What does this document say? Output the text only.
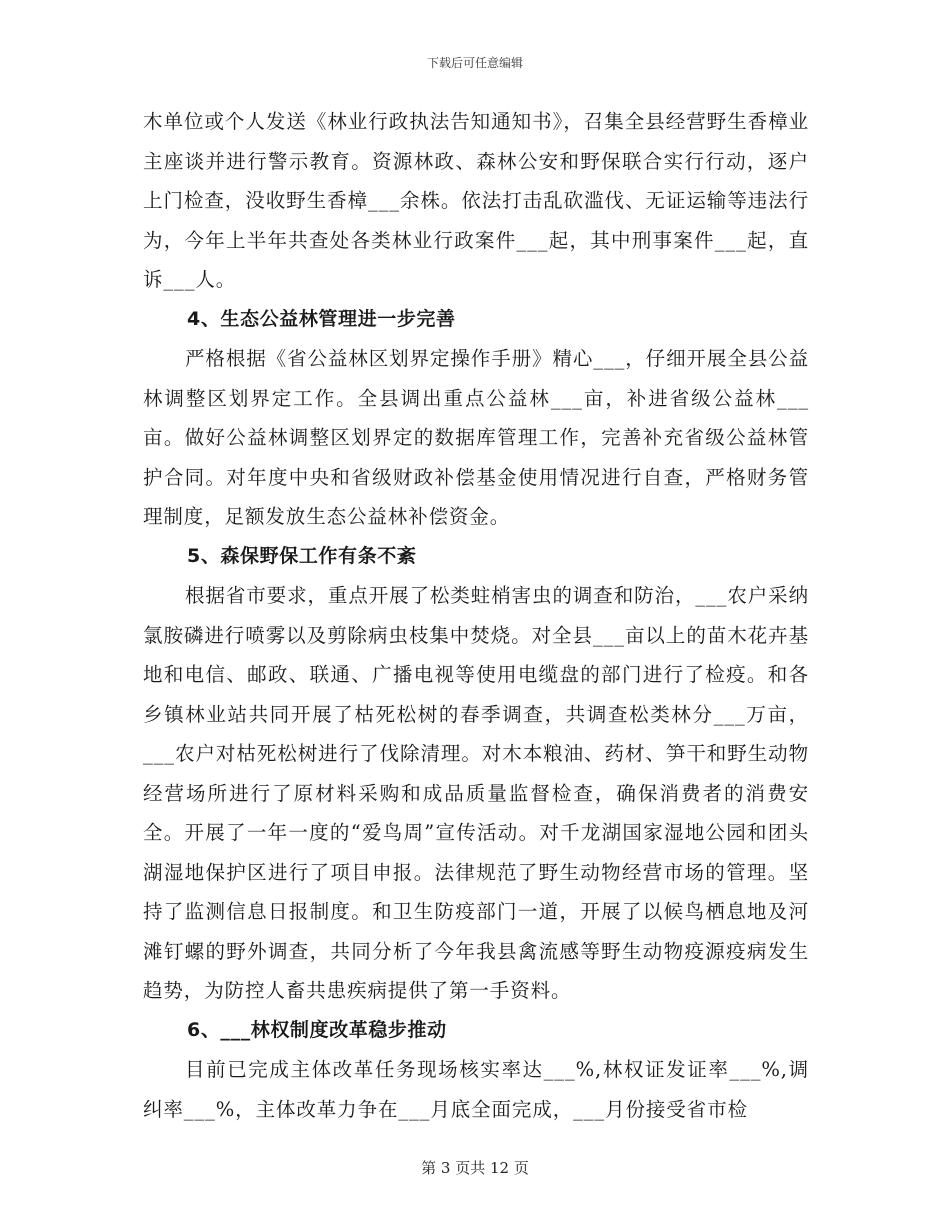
下载后可任意编辑

木单位或个人发送《林业行政执法告知通知书》，召集全县经营野生香樟业主座谈并进行警示教育。资源林政、森林公安和野保联合实行行动，逐户上门检查，没收野生香樟___余株。依法打击乱砍滥伐、无证运输等违法行为，今年上半年共查处各类林业行政案件___起，其中刑事案件___起，直诉___人。

4、生态公益林管理进一步完善

严格根据《省公益林区划界定操作手册》精心___，仔细开展全县公益林调整区划界定工作。全县调出重点公益林___亩，补进省级公益林___亩。做好公益林调整区划界定的数据库管理工作，完善补充省级公益林管护合同。对年度中央和省级财政补偿基金使用情况进行自查，严格财务管理制度，足额发放生态公益林补偿资金。

5、森保野保工作有条不紊

根据省市要求，重点开展了松类蛀梢害虫的调查和防治，___农户采纳氯胺磷进行喷雾以及剪除病虫枝集中焚烧。对全县___亩以上的苗木花卉基地和电信、邮政、联通、广播电视等使用电缆盘的部门进行了检疫。和各乡镇林业站共同开展了枯死松树的春季调查，共调查松类林分___万亩，___农户对枯死松树进行了伐除清理。对木本粮油、药材、笋干和野生动物经营场所进行了原材料采购和成品质量监督检查，确保消费者的消费安全。开展了一年一度的“爱鸟周”宣传活动。对千龙湖国家湿地公园和团头湖湿地保护区进行了项目申报。法律规范了野生动物经营市场的管理。坚持了监测信息日报制度。和卫生防疫部门一道，开展了以候鸟栖息地及河滩钉螺的野外调查，共同分析了今年我县禽流感等野生动物疫源疫病发生趋势，为防控人畜共患疾病提供了第一手资料。

6、___林权制度改革稳步推动

目前已完成主体改革任务现场核实率达___%,林权证发证率___%,调纠率___%，主体改革力争在___月底全面完成，___月份接受省市检

第 3 页共 12 页
